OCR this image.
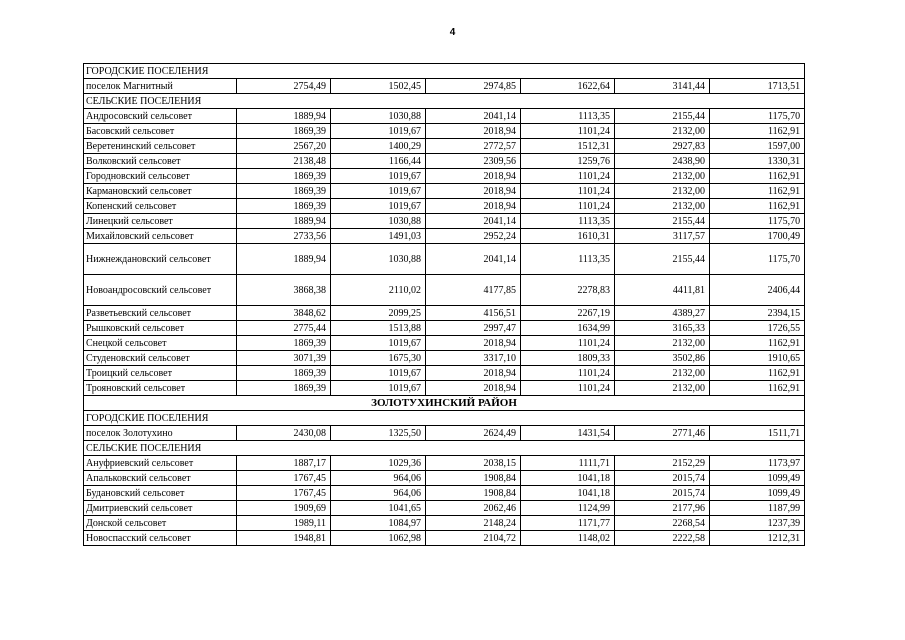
4
ГОРОДСКИЕ ПОСЕЛЕНИЯ						
поселок Магнитный	2754,49	1502,45	2974,85	1622,64	3141,44	1713,51
СЕЛЬСКИЕ ПОСЕЛЕНИЯ						
Андросовский сельсовет	1889,94	1030,88	2041,14	1113,35	2155,44	1175,70
Басовский сельсовет	1869,39	1019,67	2018,94	1101,24	2132,00	1162,91
Веретенинский сельсовет	2567,20	1400,29	2772,57	1512,31	2927,83	1597,00
Волковский сельсовет	2138,48	1166,44	2309,56	1259,76	2438,90	1330,31
Городновский сельсовет	1869,39	1019,67	2018,94	1101,24	2132,00	1162,91
Кармановский сельсовет	1869,39	1019,67	2018,94	1101,24	2132,00	1162,91
Копенский сельсовет	1869,39	1019,67	2018,94	1101,24	2132,00	1162,91
Линецкий сельсовет	1889,94	1030,88	2041,14	1113,35	2155,44	1175,70
Михайловский сельсовет	2733,56	1491,03	2952,24	1610,31	3117,57	1700,49
Нижнеждановский сельсовет	1889,94	1030,88	2041,14	1113,35	2155,44	1175,70
Новоандросовский сельсовет	3868,38	2110,02	4177,85	2278,83	4411,81	2406,44
Разветьевский сельсовет	3848,62	2099,25	4156,51	2267,19	4389,27	2394,15
Рышковский сельсовет	2775,44	1513,88	2997,47	1634,99	3165,33	1726,55
Снецкой сельсовет	1869,39	1019,67	2018,94	1101,24	2132,00	1162,91
Студеновский сельсовет	3071,39	1675,30	3317,10	1809,33	3502,86	1910,65
Троицкий сельсовет	1869,39	1019,67	2018,94	1101,24	2132,00	1162,91
Трояновский сельсовет	1869,39	1019,67	2018,94	1101,24	2132,00	1162,91
ЗОЛОТУХИНСКИЙ РАЙОН						
ГОРОДСКИЕ ПОСЕЛЕНИЯ						
поселок Золотухино	2430,08	1325,50	2624,49	1431,54	2771,46	1511,71
СЕЛЬСКИЕ ПОСЕЛЕНИЯ						
Ануфриевский сельсовет	1887,17	1029,36	2038,15	1111,71	2152,29	1173,97
Апальковский сельсовет	1767,45	964,06	1908,84	1041,18	2015,74	1099,49
Будановский сельсовет	1767,45	964,06	1908,84	1041,18	2015,74	1099,49
Дмитриевский сельсовет	1909,69	1041,65	2062,46	1124,99	2177,96	1187,99
Донской сельсовет	1989,11	1084,97	2148,24	1171,77	2268,54	1237,39
Новоспасский сельсовет	1948,81	1062,98	2104,72	1148,02	2222,58	1212,31
